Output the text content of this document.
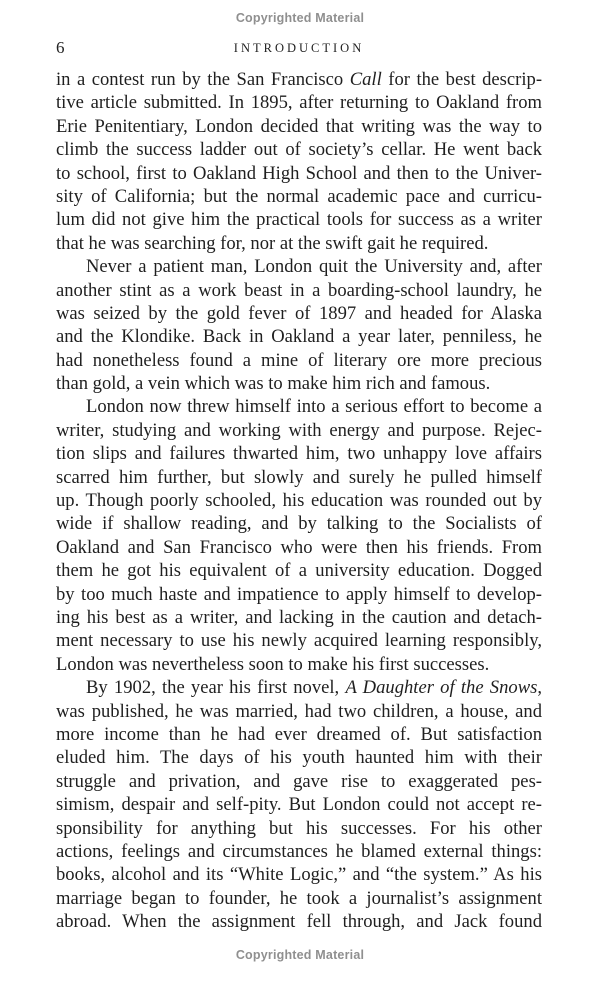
Copyrighted Material
6	INTRODUCTION
in a contest run by the San Francisco Call for the best descrip-
tive article submitted. In 1895, after returning to Oakland from
Erie Penitentiary, London decided that writing was the way to
climb the success ladder out of society’s cellar. He went back
to school, first to Oakland High School and then to the Univer-
sity of California; but the normal academic pace and curricu-
lum did not give him the practical tools for success as a writer
that he was searching for, nor at the swift gait he required.
Never a patient man, London quit the University and, after
another stint as a work beast in a boarding-school laundry, he
was seized by the gold fever of 1897 and headed for Alaska
and the Klondike. Back in Oakland a year later, penniless, he
had nonetheless found a mine of literary ore more precious
than gold, a vein which was to make him rich and famous.
London now threw himself into a serious effort to become a
writer, studying and working with energy and purpose. Rejec-
tion slips and failures thwarted him, two unhappy love affairs
scarred him further, but slowly and surely he pulled himself
up. Though poorly schooled, his education was rounded out by
wide if shallow reading, and by talking to the Socialists of
Oakland and San Francisco who were then his friends. From
them he got his equivalent of a university education. Dogged
by too much haste and impatience to apply himself to develop-
ing his best as a writer, and lacking in the caution and detach-
ment necessary to use his newly acquired learning responsibly,
London was nevertheless soon to make his first successes.
By 1902, the year his first novel, A Daughter of the Snows,
was published, he was married, had two children, a house, and
more income than he had ever dreamed of. But satisfaction
eluded him. The days of his youth haunted him with their
struggle and privation, and gave rise to exaggerated pes-
simism, despair and self-pity. But London could not accept re-
sponsibility for anything but his successes. For his other
actions, feelings and circumstances he blamed external things:
books, alcohol and its “White Logic,” and “the system.” As his
marriage began to founder, he took a journalist’s assignment
abroad. When the assignment fell through, and Jack found
Copyrighted Material
